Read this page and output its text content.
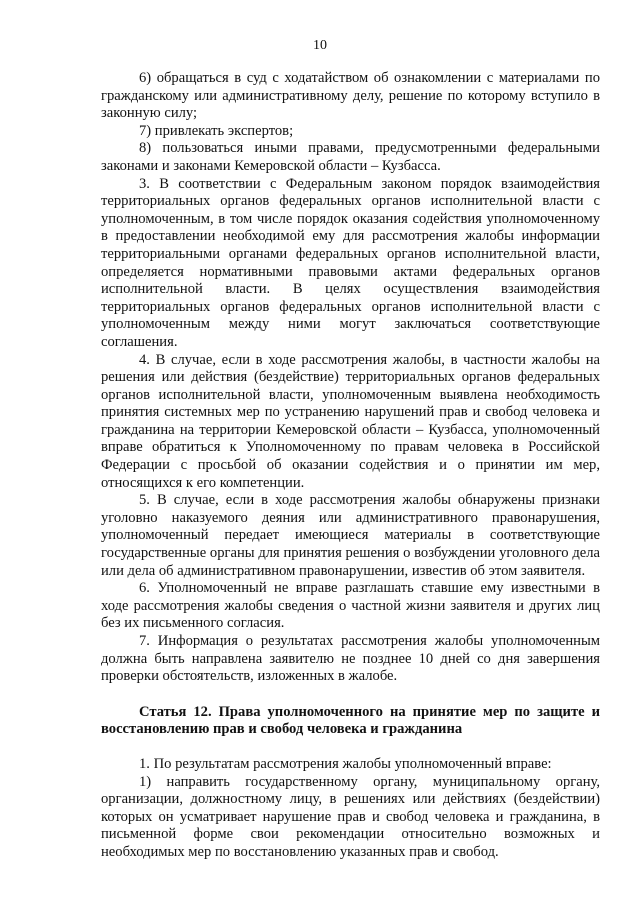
10

6) обращаться в суд с ходатайством об ознакомлении с материалами по гражданскому или административному делу, решение по которому вступило в законную силу;

7) привлекать экспертов;

8) пользоваться иными правами, предусмотренными федеральными законами и законами Кемеровской области – Кузбасса.

3. В соответствии с Федеральным законом порядок взаимодействия территориальных органов федеральных органов исполнительной власти с уполномоченным, в том числе порядок оказания содействия уполномоченному в предоставлении необходимой ему для рассмотрения жалобы информации территориальными органами федеральных органов исполнительной власти, определяется нормативными правовыми актами федеральных органов исполнительной власти. В целях осуществления взаимодействия территориальных органов федеральных органов исполнительной власти с уполномоченным между ними могут заключаться соответствующие соглашения.

4. В случае, если в ходе рассмотрения жалобы, в частности жалобы на решения или действия (бездействие) территориальных органов федеральных органов исполнительной власти, уполномоченным выявлена необходимость принятия системных мер по устранению нарушений прав и свобод человека и гражданина на территории Кемеровской области – Кузбасса, уполномоченный вправе обратиться к Уполномоченному по правам человека в Российской Федерации с просьбой об оказании содействия и о принятии им мер, относящихся к его компетенции.

5. В случае, если в ходе рассмотрения жалобы обнаружены признаки уголовно наказуемого деяния или административного правонарушения, уполномоченный передает имеющиеся материалы в соответствующие государственные органы для принятия решения о возбуждении уголовного дела или дела об административном правонарушении, известив об этом заявителя.

6. Уполномоченный не вправе разглашать ставшие ему известными в ходе рассмотрения жалобы сведения о частной жизни заявителя и других лиц без их письменного согласия.

7. Информация о результатах рассмотрения жалобы уполномоченным должна быть направлена заявителю не позднее 10 дней со дня завершения проверки обстоятельств, изложенных в жалобе.

Статья 12. Права уполномоченного на принятие мер по защите и восстановлению прав и свобод человека и гражданина

1. По результатам рассмотрения жалобы уполномоченный вправе:

1) направить государственному органу, муниципальному органу, организации, должностному лицу, в решениях или действиях (бездействии) которых он усматривает нарушение прав и свобод человека и гражданина, в письменной форме свои рекомендации относительно возможных и необходимых мер по восстановлению указанных прав и свобод.
